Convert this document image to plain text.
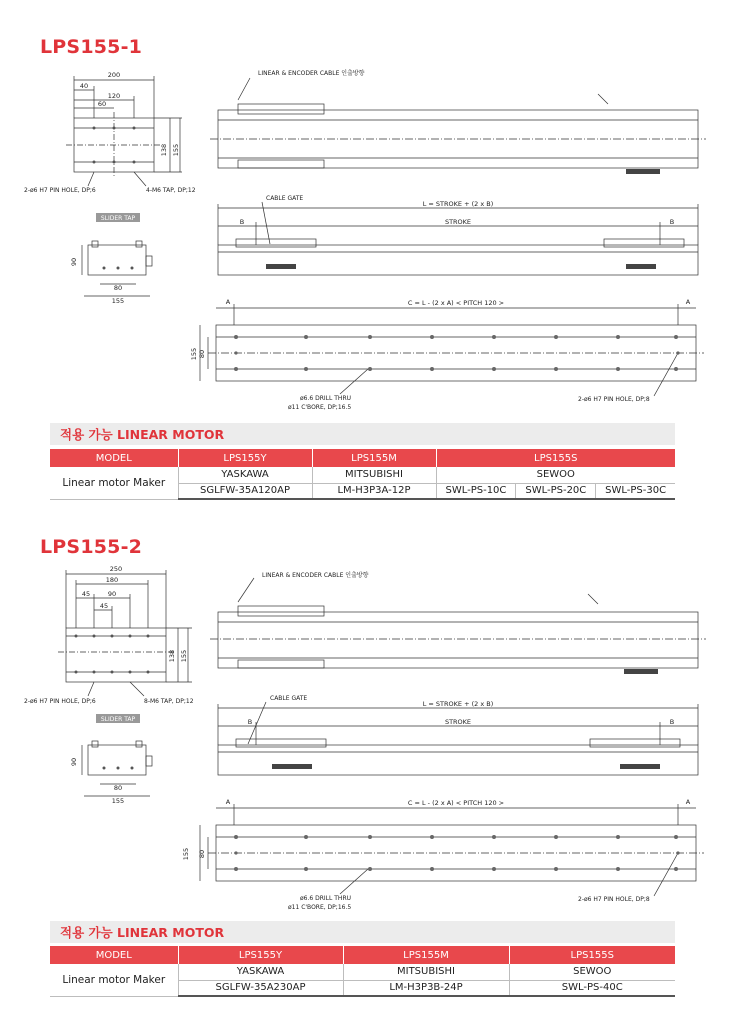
LPS155-1
200
40
120
60
138 155
2-ø6 H7 PIN HOLE, DP;6	4-M6 TAP, DP;12
SLIDER TAP
90
80
155
LINEAR & ENCODER CABLE 인출방향
CABLE GATE
L = STROKE + (2 x B)
STROKE
B	B
A	A
C = L - (2 x A) < PITCH 120 >
155 80
ø6.6 DRILL THRU
ø11 C'BORE, DP;16.5
2-ø6 H7 PIN HOLE, DP;8
적용 가능 LINEAR MOTOR
MODEL	LPS155Y	LPS155M	LPS155S		
Linear motor Maker	YASKAWA	MITSUBISHI	SEWOO		
	SGLFW-35A120AP	LM-H3P3A-12P	SWL-PS-10C	SWL-PS-20C	SWL-PS-30C
LPS155-2
250
180
45	90
45
138 155
2-ø6 H7 PIN HOLE, DP;6	8-M6 TAP, DP;12
SLIDER TAP
90
80
155
LINEAR & ENCODER CABLE 인출방향
CABLE GATE
L = STROKE + (2 x B)
STROKE
B	B
A	A
C = L - (2 x A) < PITCH 120 >
155 80
ø6.6 DRILL THRU
ø11 C'BORE, DP;16.5
2-ø6 H7 PIN HOLE, DP;8
적용 가능 LINEAR MOTOR
MODEL	LPS155Y	LPS155M	LPS155S
Linear motor Maker	YASKAWA	MITSUBISHI	SEWOO
	SGLFW-35A230AP	LM-H3P3B-24P	SWL-PS-40C
